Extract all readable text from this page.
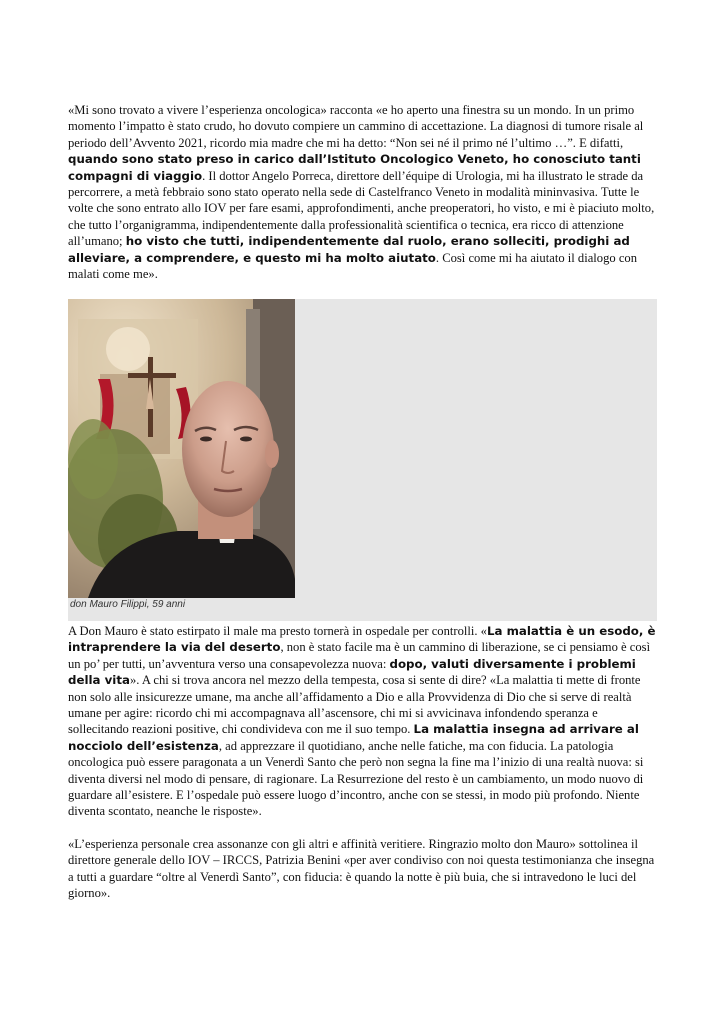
«Mi sono trovato a vivere l’esperienza oncologica» racconta «e ho aperto una finestra su un mondo. In un primo momento l’impatto è stato crudo, ho dovuto compiere un cammino di accettazione. La diagnosi di tumore risale al periodo dell’Avvento 2021, ricordo mia madre che mi ha detto: “Non sei né il primo né l’ultimo …”. E difatti, quando sono stato preso in carico dall’Istituto Oncologico Veneto, ho conosciuto tanti compagni di viaggio. Il dottor Angelo Porreca, direttore dell’équipe di Urologia, mi ha illustrato le strade da percorrere, a metà febbraio sono stato operato nella sede di Castelfranco Veneto in modalità mininvasiva. Tutte le volte che sono entrato allo IOV per fare esami, approfondimenti, anche preoperatori, ho visto, e mi è piaciuto molto, che tutto l’organigramma, indipendentemente dalla professionalità scientifica o tecnica, era ricco di attenzione all’umano; ho visto che tutti, indipendentemente dal ruolo, erano solleciti, prodighi ad alleviare, a comprendere, e questo mi ha molto aiutato. Così come mi ha aiutato il dialogo con malati come me».

don Mauro Filippi, 59 anni

A Don Mauro è stato estirpato il male ma presto tornerà in ospedale per controlli. «La malattia è un esodo, è intraprendere la via del deserto, non è stato facile ma è un cammino di liberazione, se ci pensiamo è così un po’ per tutti, un’avventura verso una consapevolezza nuova: dopo, valuti diversamente i problemi della vita». A chi si trova ancora nel mezzo della tempesta, cosa si sente di dire? «La malattia ti mette di fronte non solo alle insicurezze umane, ma anche all’affidamento a Dio e alla Provvidenza di Dio che si serve di realtà umane per agire: ricordo chi mi accompagnava all’ascensore, chi mi si avvicinava infondendo speranza e sollecitando reazioni positive, chi condivideva con me il suo tempo. La malattia insegna ad arrivare al nocciolo dell’esistenza, ad apprezzare il quotidiano, anche nelle fatiche, ma con fiducia. La patologia oncologica può essere paragonata a un Venerdì Santo che però non segna la fine ma l’inizio di una realtà nuova: si diventa diversi nel modo di pensare, di ragionare. La Resurrezione del resto è un cambiamento, un modo nuovo di guardare all’esistere. E l’ospedale può essere luogo d’incontro, anche con se stessi, in modo più profondo. Niente diventa scontato, neanche le risposte».

«L’esperienza personale crea assonanze con gli altri e affinità veritiere. Ringrazio molto don Mauro» sottolinea il direttore generale dello IOV – IRCCS, Patrizia Benini «per aver condiviso con noi questa testimonianza che insegna a tutti a guardare “oltre al Venerdì Santo”, con fiducia: è quando la notte è più buia, che si intravedono le luci del giorno».
